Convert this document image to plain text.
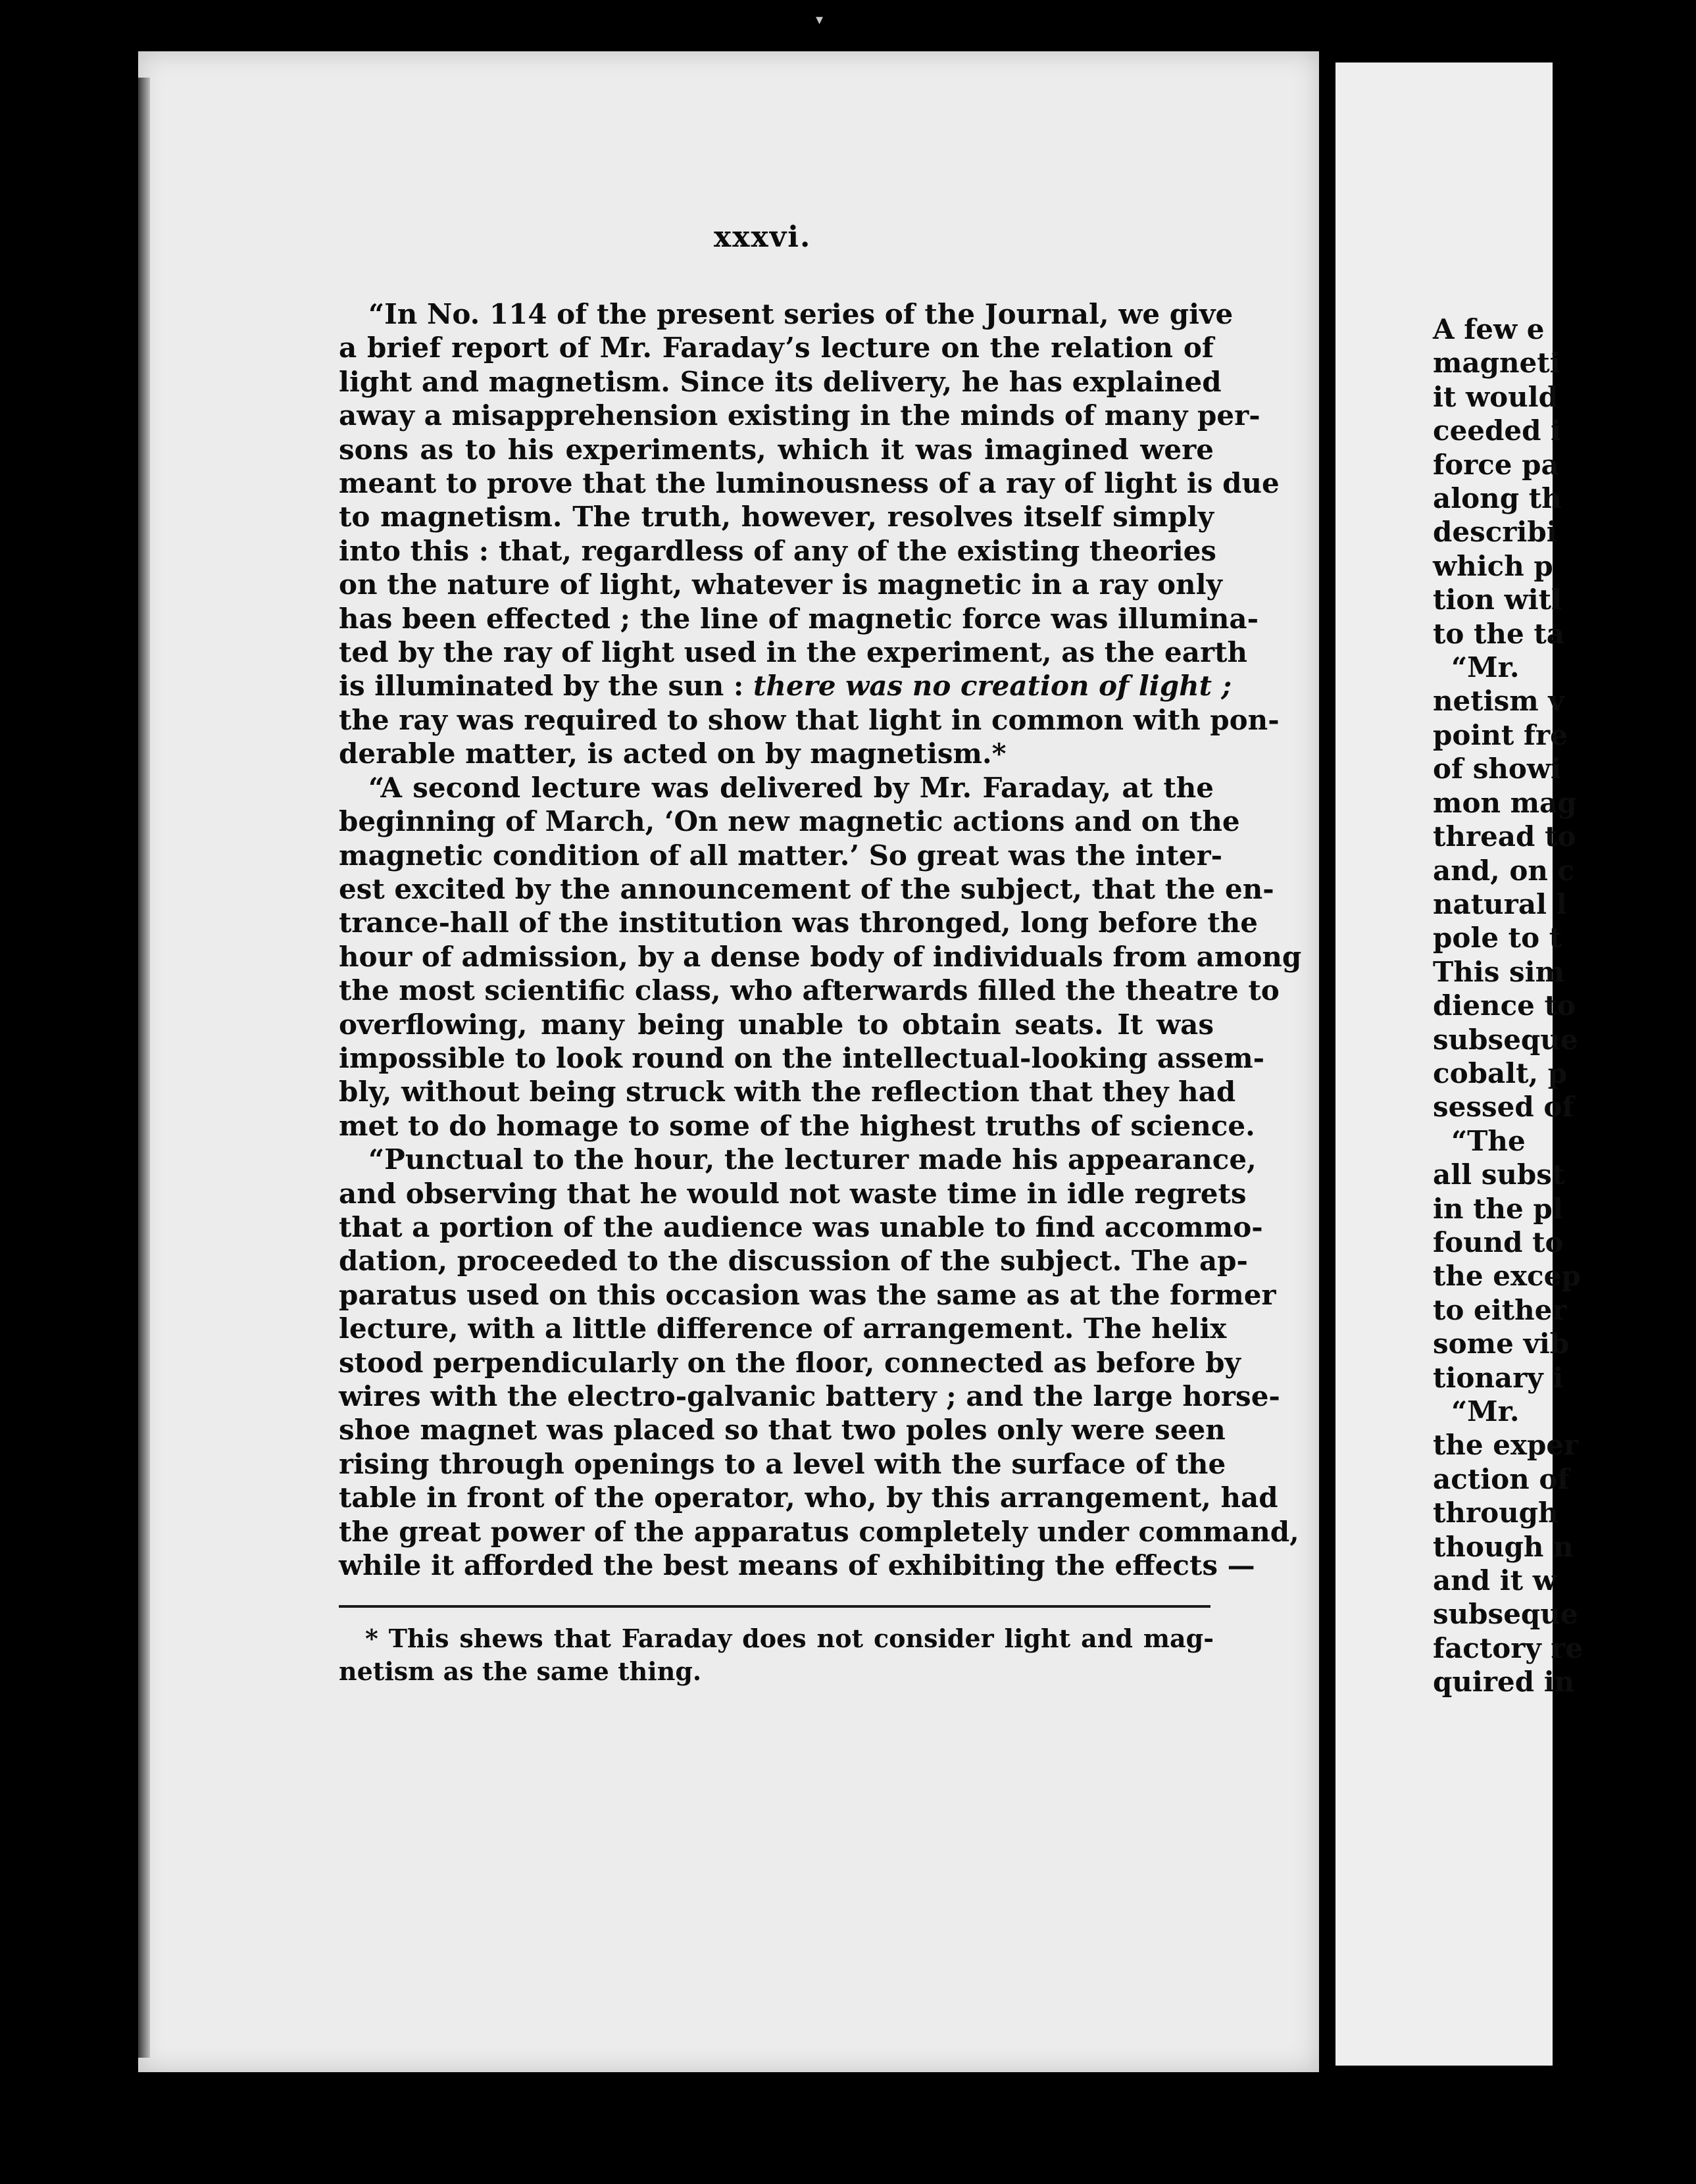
▾
xxxvi.
“In No. 114 of the present series of the Journal, we give
a brief report of Mr. Faraday’s lecture on the relation of
light and magnetism. Since its delivery, he has explained
away a misapprehension existing in the minds of many per-
sons as to his experiments, which it was imagined were
meant to prove that the luminousness of a ray of light is due
to magnetism. The truth, however, resolves itself simply
into this : that, regardless of any of the existing theories
on the nature of light, whatever is magnetic in a ray only
has been effected ; the line of magnetic force was illumina-
ted by the ray of light used in the experiment, as the earth
is illuminated by the sun : there was no creation of light ;
the ray was required to show that light in common with pon-
derable matter, is acted on by magnetism.*
“A second lecture was delivered by Mr. Faraday, at the
beginning of March, ‘On new magnetic actions and on the
magnetic condition of all matter.’ So great was the inter-
est excited by the announcement of the subject, that the en-
trance-hall of the institution was thronged, long before the
hour of admission, by a dense body of individuals from among
the most scientific class, who afterwards filled the theatre to
overflowing, many being unable to obtain seats. It was
impossible to look round on the intellectual-looking assem-
bly, without being struck with the reflection that they had
met to do homage to some of the highest truths of science.
“Punctual to the hour, the lecturer made his appearance,
and observing that he would not waste time in idle regrets
that a portion of the audience was unable to find accommo-
dation, proceeded to the discussion of the subject. The ap-
paratus used on this occasion was the same as at the former
lecture, with a little difference of arrangement. The helix
stood perpendicularly on the floor, connected as before by
wires with the electro-galvanic battery ; and the large horse-
shoe magnet was placed so that two poles only were seen
rising through openings to a level with the surface of the
table in front of the operator, who, by this arrangement, had
the great power of the apparatus completely under command,
while it afforded the best means of exhibiting the effects —
* This shews that Faraday does not consider light and mag-
netism as the same thing.
A few e
magneti
it would
ceeded i
force pa
along th
describi
which p
tion witl
to the ta
“Mr.
netism v
point fre
of showi
mon mag
thread to
and, on c
natural l
pole to t
This sim
dience to
subseque
cobalt, p
sessed of
“The
all subst
in the pl
found to
the excep
to either
some vib
tionary i
“Mr.
the exper
action of
through
though n
and it w
subseque
factory re
quired in
